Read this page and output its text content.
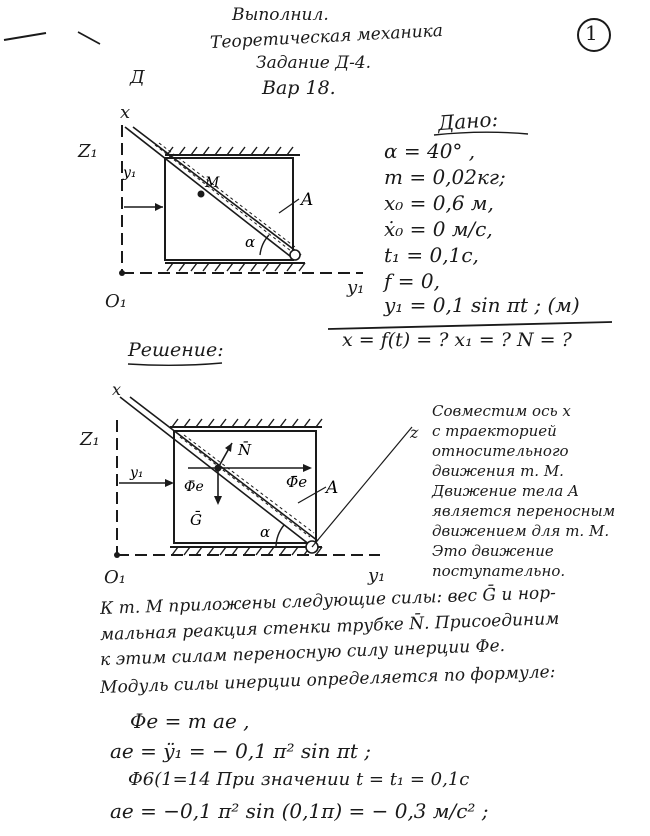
Выполнил.
Теоретическая механика
Задание Д-4.
Вар 18.
1
y₁
M
A
α
Д
x
Z₁
O₁
y₁
Дано:
α = 40° ,
m = 0,02кг;
x₀ = 0,6 м,
ẋ₀ = 0 м/с,
t₁ = 0,1с,
f = 0,
y₁ = 0,1 sin πt ; (м)
x = f(t) = ? x₁ = ? N = ?
Решение:
y₁
N̄
Φ̄e
Φ̄e
Ḡ
A
α
x
Z₁	z
O₁	y₁
Совместим ось x
с траекторией
относительного
движения т. M.
Движение тела A
является переносным
движением для т. M.
Это движение
поступательно.
К т. M приложены следующие силы: вес Ḡ и нор-
мальная реакция стенки трубке N̄. Присоединим
к этим силам переносную силу инерции Φe.
Модуль силы инерции определяется по формуле:
Φe = m ae ,
ae = ÿ₁ = − 0,1 π² sin πt ;
Φ6(1=14 При значении t = t₁ = 0,1с
ae = −0,1 π² sin (0,1π) = − 0,3 м/с² ;
